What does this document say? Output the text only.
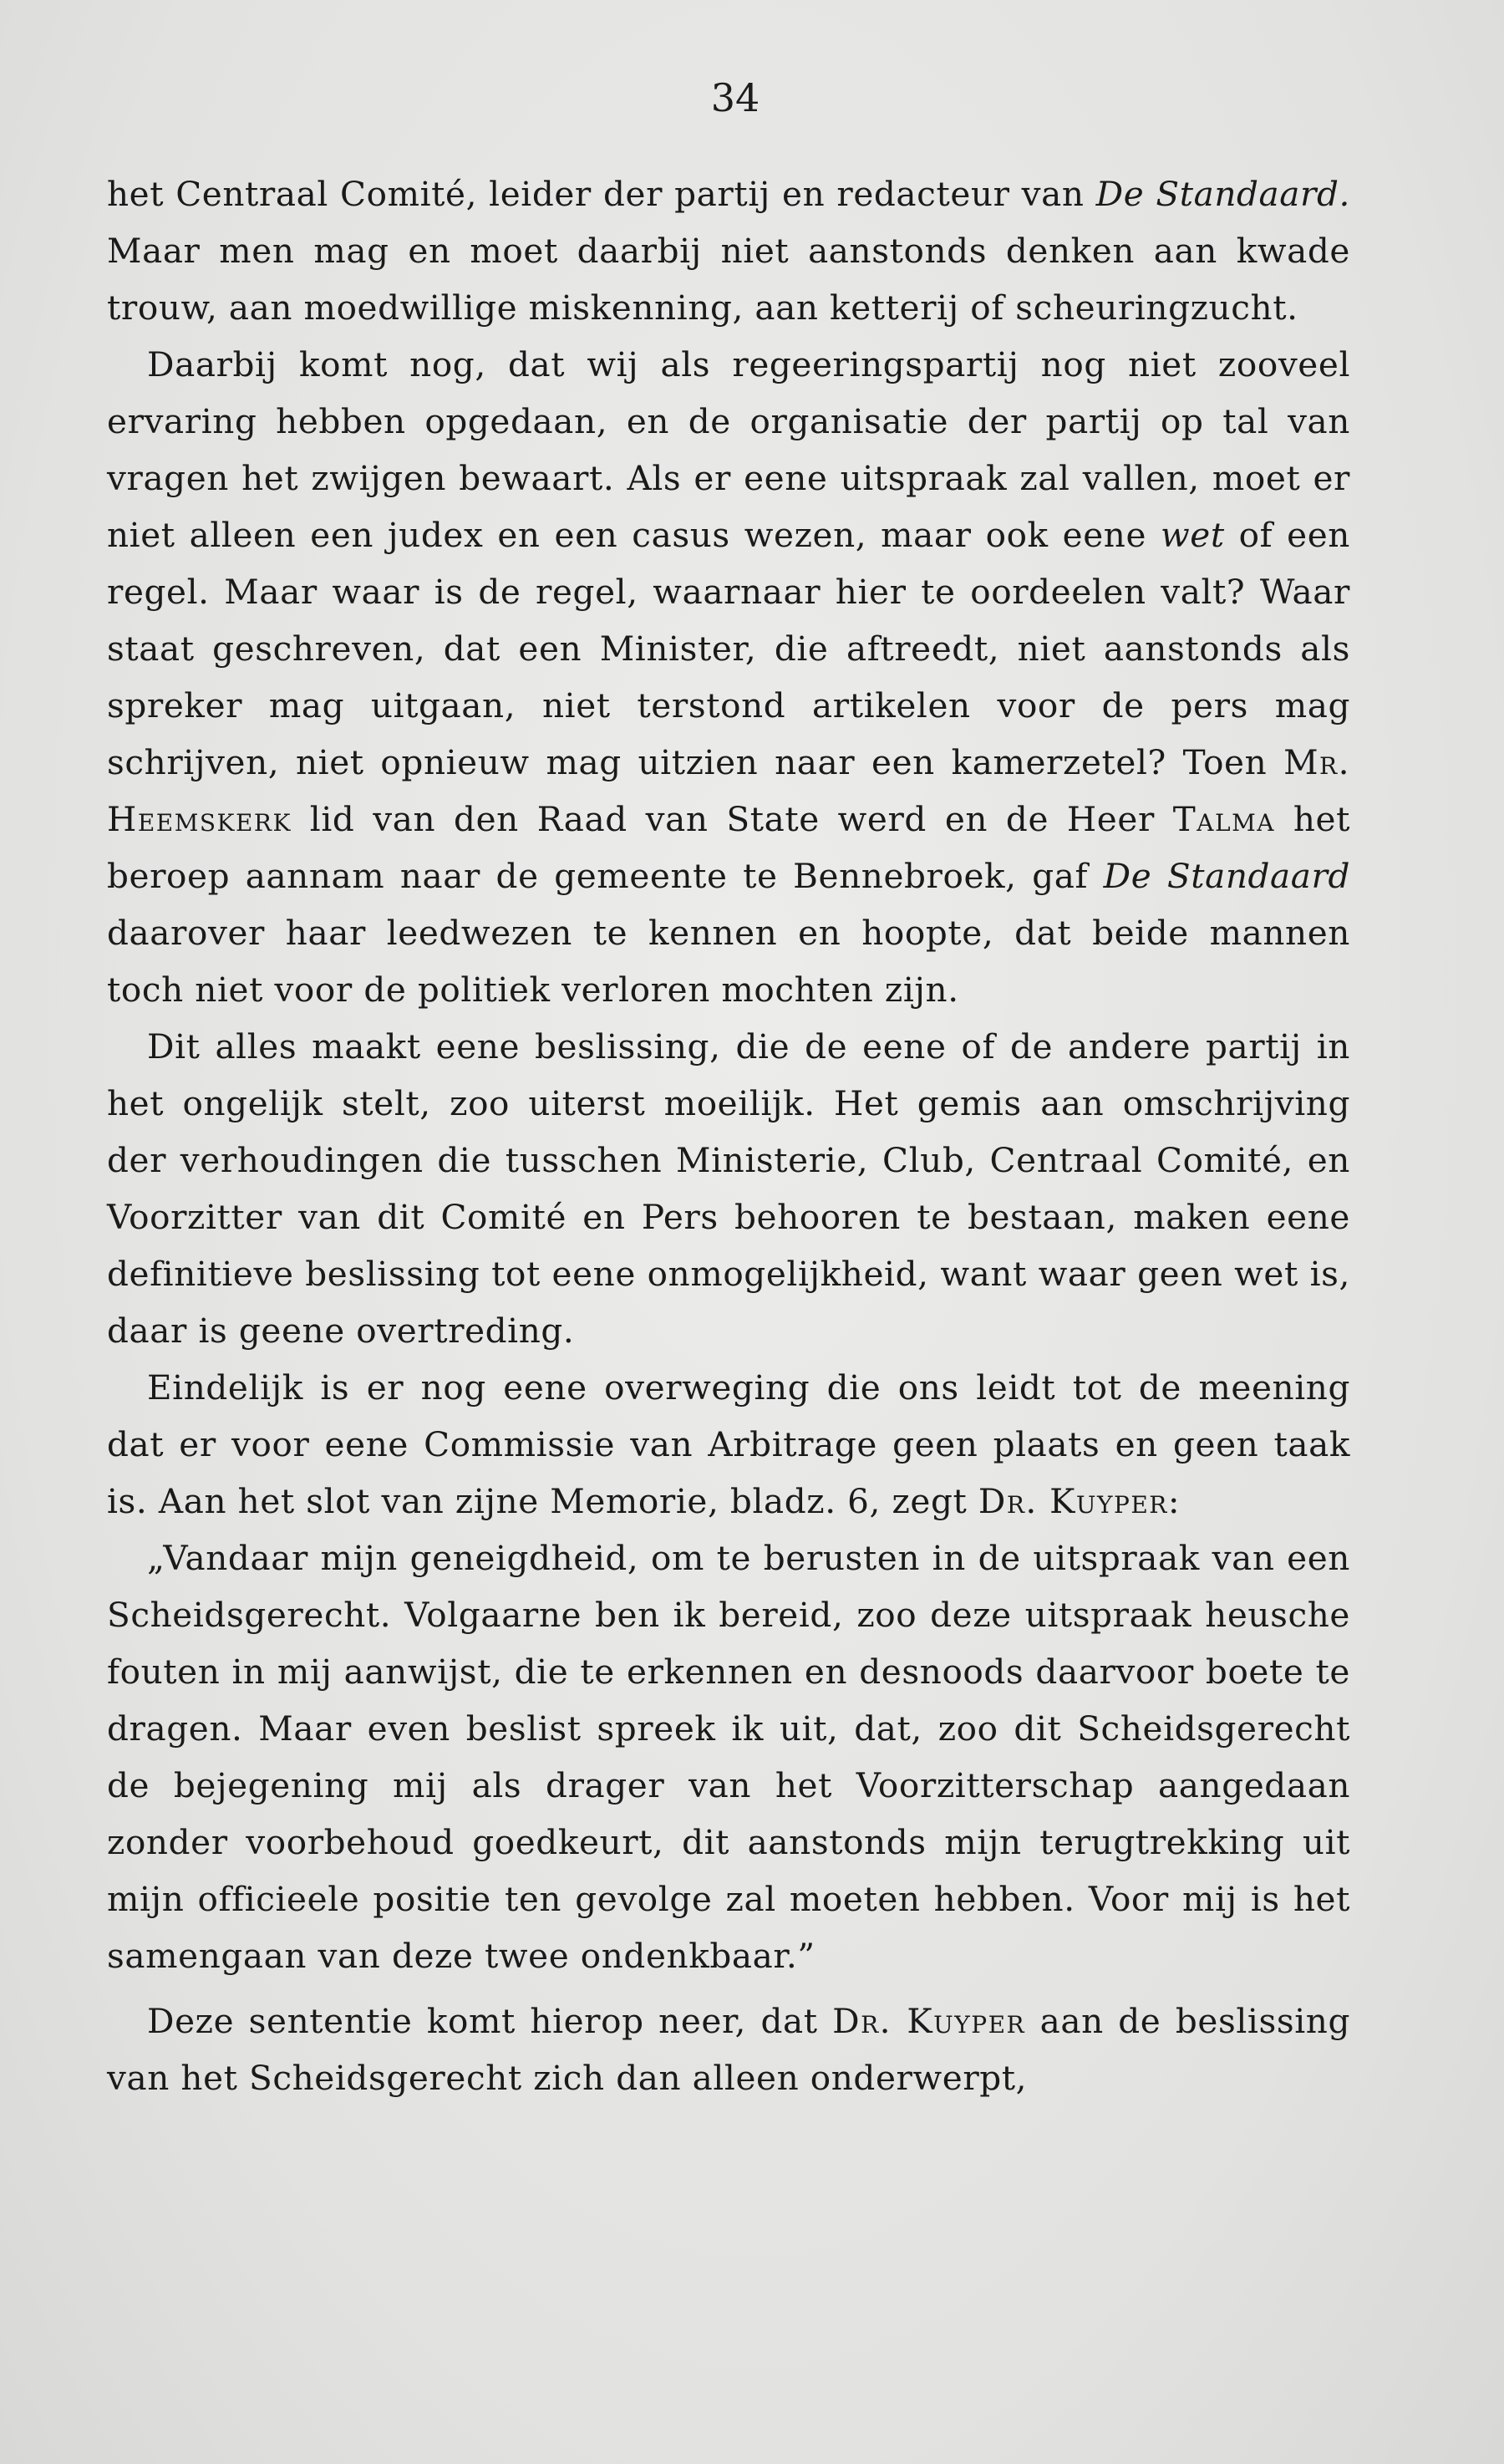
34

het Centraal Comité, leider der partij en redacteur van De Standaard. Maar men mag en moet daarbij niet aanstonds denken aan kwade trouw, aan moedwillige miskenning, aan ketterij of scheuringzucht.

Daarbij komt nog, dat wij als regeeringspartij nog niet zooveel ervaring hebben opgedaan, en de organisatie der partij op tal van vragen het zwijgen bewaart. Als er eene uitspraak zal vallen, moet er niet alleen een judex en een casus wezen, maar ook eene wet of een regel. Maar waar is de regel, waarnaar hier te oordeelen valt? Waar staat geschreven, dat een Minister, die aftreedt, niet aanstonds als spreker mag uitgaan, niet terstond artikelen voor de pers mag schrijven, niet opnieuw mag uitzien naar een kamerzetel? Toen Mr. Heemskerk lid van den Raad van State werd en de Heer Talma het beroep aannam naar de gemeente te Bennebroek, gaf De Standaard daarover haar leedwezen te kennen en hoopte, dat beide mannen toch niet voor de politiek verloren mochten zijn.

Dit alles maakt eene beslissing, die de eene of de andere partij in het ongelijk stelt, zoo uiterst moeilijk. Het gemis aan omschrijving der verhoudingen die tusschen Ministerie, Club, Centraal Comité, en Voorzitter van dit Comité en Pers behooren te bestaan, maken eene definitieve beslissing tot eene onmogelijkheid, want waar geen wet is, daar is geene overtreding.

Eindelijk is er nog eene overweging die ons leidt tot de meening dat er voor eene Commissie van Arbitrage geen plaats en geen taak is. Aan het slot van zijne Memorie, bladz. 6, zegt Dr. Kuyper:

„Vandaar mijn geneigdheid, om te berusten in de uitspraak van een Scheidsgerecht. Volgaarne ben ik bereid, zoo deze uitspraak heusche fouten in mij aanwijst, die te erkennen en desnoods daarvoor boete te dragen. Maar even beslist spreek ik uit, dat, zoo dit Scheidsgerecht de bejegening mij als drager van het Voorzitterschap aangedaan zonder voorbehoud goedkeurt, dit aanstonds mijn terugtrekking uit mijn officieele positie ten gevolge zal moeten hebben. Voor mij is het samengaan van deze twee ondenkbaar.”

Deze sententie komt hierop neer, dat Dr. Kuyper aan de beslissing van het Scheidsgerecht zich dan alleen onderwerpt,
